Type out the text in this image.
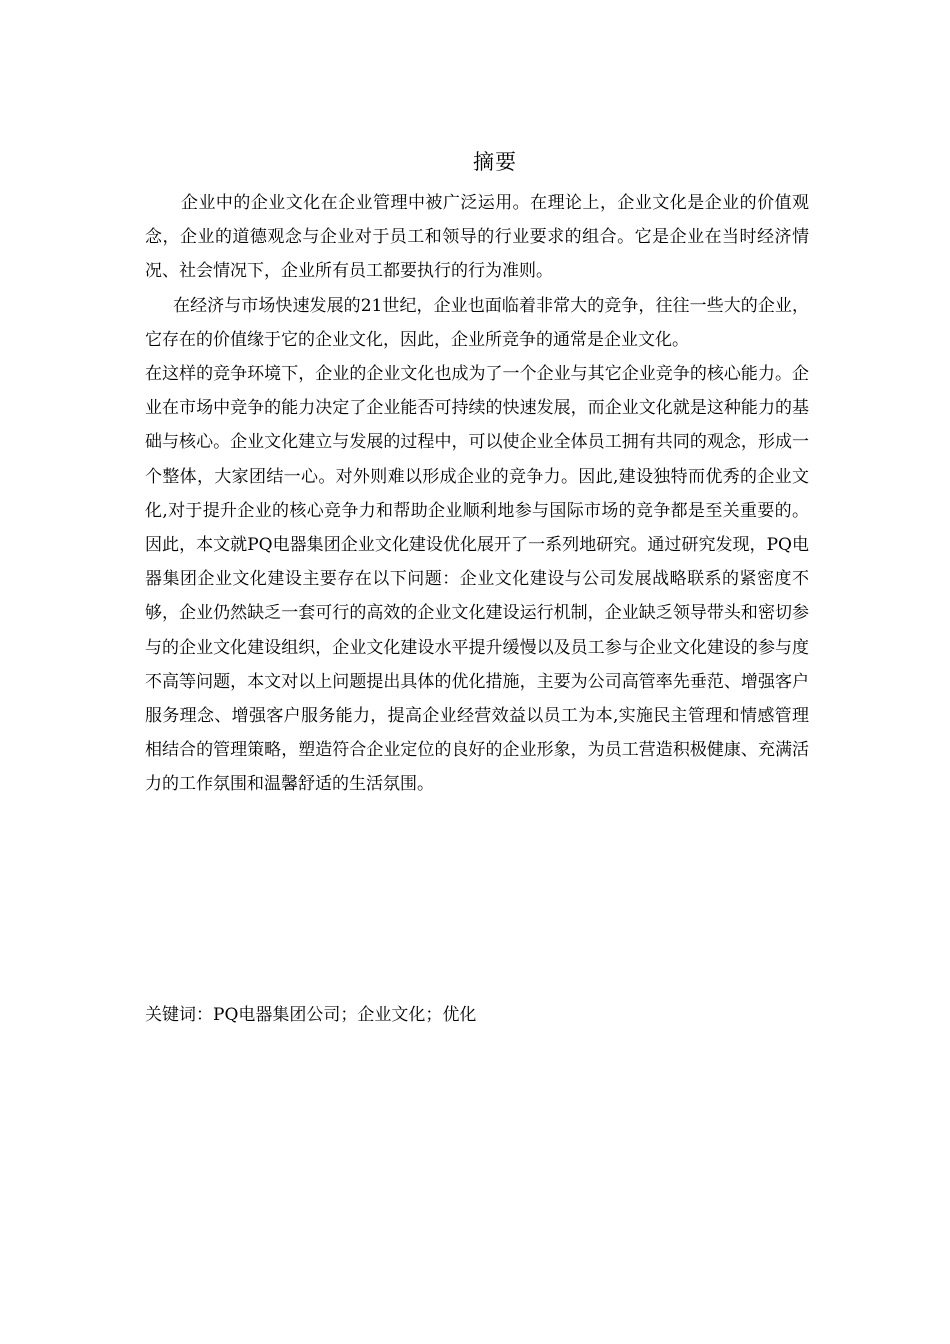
摘要

企业中的企业文化在企业管理中被广泛运用。在理论上，企业文化是企业的价值观念，企业的道德观念与企业对于员工和领导的行业要求的组合。它是企业在当时经济情况、社会情况下，企业所有员工都要执行的行为准则。

在经济与市场快速发展的21世纪，企业也面临着非常大的竞争，往往一些大的企业，它存在的价值缘于它的企业文化，因此，企业所竞争的通常是企业文化。

在这样的竞争环境下，企业的企业文化也成为了一个企业与其它企业竞争的核心能力。企业在市场中竞争的能力决定了企业能否可持续的快速发展，而企业文化就是这种能力的基础与核心。企业文化建立与发展的过程中，可以使企业全体员工拥有共同的观念，形成一个整体，大家团结一心。对外则难以形成企业的竞争力。因此,建设独特而优秀的企业文化,对于提升企业的核心竞争力和帮助企业顺利地参与国际市场的竞争都是至关重要的。因此，本文就PQ电器集团企业文化建设优化展开了一系列地研究。通过研究发现，PQ电器集团企业文化建设主要存在以下问题：企业文化建设与公司发展战略联系的紧密度不够，企业仍然缺乏一套可行的高效的企业文化建设运行机制，企业缺乏领导带头和密切参与的企业文化建设组织，企业文化建设水平提升缓慢以及员工参与企业文化建设的参与度不高等问题，本文对以上问题提出具体的优化措施，主要为公司高管率先垂范、增强客户服务理念、增强客户服务能力，提高企业经营效益以员工为本,实施民主管理和情感管理相结合的管理策略，塑造符合企业定位的良好的企业形象，为员工营造积极健康、充满活力的工作氛围和温馨舒适的生活氛围。

关键词：PQ电器集团公司；企业文化；优化
